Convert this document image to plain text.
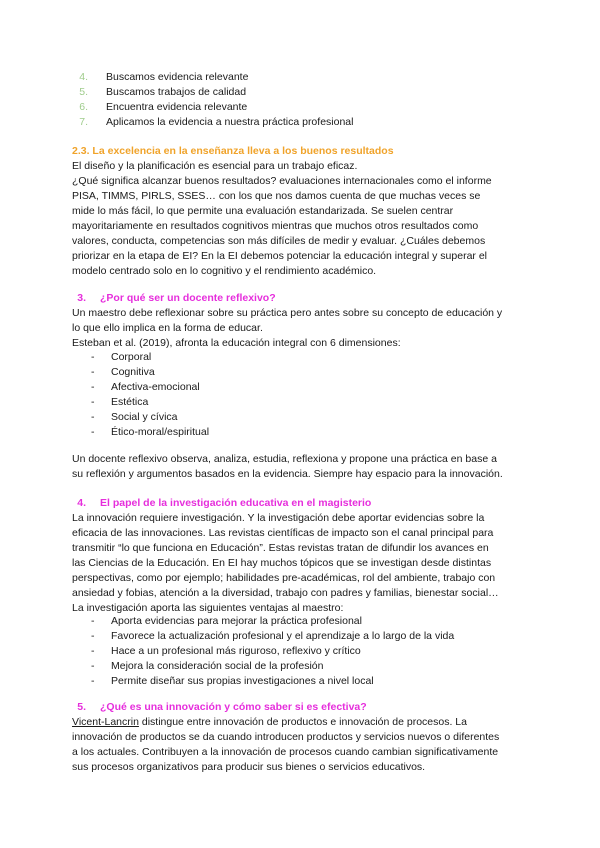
4. Buscamos evidencia relevante
5. Buscamos trabajos de calidad
6. Encuentra evidencia relevante
7. Aplicamos la evidencia a nuestra práctica profesional
2.3. La excelencia en la enseñanza lleva a los buenos resultados
El diseño y la planificación es esencial para un trabajo eficaz.
¿Qué significa alcanzar buenos resultados? evaluaciones internacionales como el informe
PISA, TIMMS, PIRLS, SSES… con los que nos damos cuenta de que muchas veces se
mide lo más fácil, lo que permite una evaluación estandarizada. Se suelen centrar
mayoritariamente en resultados cognitivos mientras que muchos otros resultados como
valores, conducta, competencias son más difíciles de medir y evaluar. ¿Cuáles debemos
priorizar en la etapa de EI? En la EI debemos potenciar la educación integral y superar el
modelo centrado solo en lo cognitivo y el rendimiento académico.
3. ¿Por qué ser un docente reflexivo?
Un maestro debe reflexionar sobre su práctica pero antes sobre su concepto de educación y
lo que ello implica en la forma de educar.
Esteban et al. (2019), afronta la educación integral con 6 dimensiones:
-	Corporal
-	Cognitiva
-	Afectiva-emocional
-	Estética
-	Social y cívica
-	Ético-moral/espiritual
Un docente reflexivo observa, analiza, estudia, reflexiona y propone una práctica en base a
su reflexión y argumentos basados en la evidencia. Siempre hay espacio para la innovación.
4. El papel de la investigación educativa en el magisterio
La innovación requiere investigación. Y la investigación debe aportar evidencias sobre la
eficacia de las innovaciones. Las revistas científicas de impacto son el canal principal para
transmitir “lo que funciona en Educación”. Estas revistas tratan de difundir los avances en
las Ciencias de la Educación. En EI hay muchos tópicos que se investigan desde distintas
perspectivas, como por ejemplo; habilidades pre-académicas, rol del ambiente, trabajo con
ansiedad y fobias, atención a la diversidad, trabajo con padres y familias, bienestar social…
La investigación aporta las siguientes ventajas al maestro:
-	Aporta evidencias para mejorar la práctica profesional
-	Favorece la actualización profesional y el aprendizaje a lo largo de la vida
-	Hace a un profesional más riguroso, reflexivo y crítico
-	Mejora la consideración social de la profesión
-	Permite diseñar sus propias investigaciones a nivel local
5. ¿Qué es una innovación y cómo saber si es efectiva?
Vicent-Lancrin distingue entre innovación de productos e innovación de procesos. La
innovación de productos se da cuando introducen productos y servicios nuevos o diferentes
a los actuales. Contribuyen a la innovación de procesos cuando cambian significativamente
sus procesos organizativos para producir sus bienes o servicios educativos.
